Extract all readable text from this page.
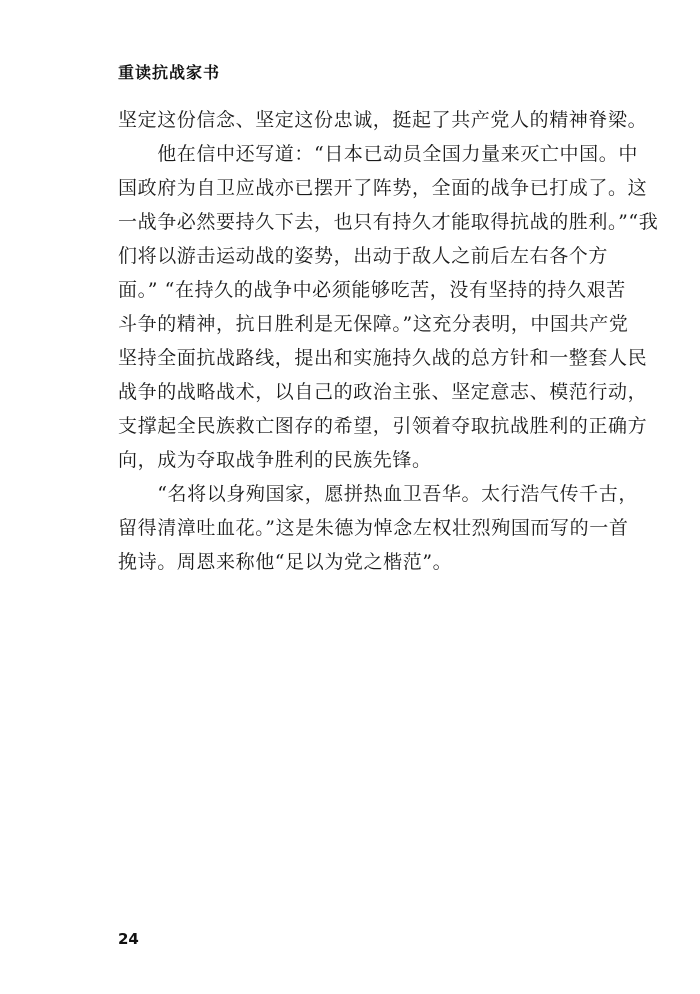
重读抗战家书
坚定这份信念、坚定这份忠诚，挺起了共产党人的精神脊梁。
　　他在信中还写道：“日本已动员全国力量来灭亡中国。中
国政府为自卫应战亦已摆开了阵势，全面的战争已打成了。这
一战争必然要持久下去，也只有持久才能取得抗战的胜利。”“我
们将以游击运动战的姿势，出动于敌人之前后左右各个方
面。” “在持久的战争中必须能够吃苦，没有坚持的持久艰苦
斗争的精神，抗日胜利是无保障。”这充分表明，中国共产党
坚持全面抗战路线，提出和实施持久战的总方针和一整套人民
战争的战略战术，以自己的政治主张、坚定意志、模范行动，
支撑起全民族救亡图存的希望，引领着夺取抗战胜利的正确方
向，成为夺取战争胜利的民族先锋。
　　“名将以身殉国家，愿拼热血卫吾华。太行浩气传千古，
留得清漳吐血花。”这是朱德为悼念左权壮烈殉国而写的一首
挽诗。周恩来称他“足以为党之楷范”。
24
